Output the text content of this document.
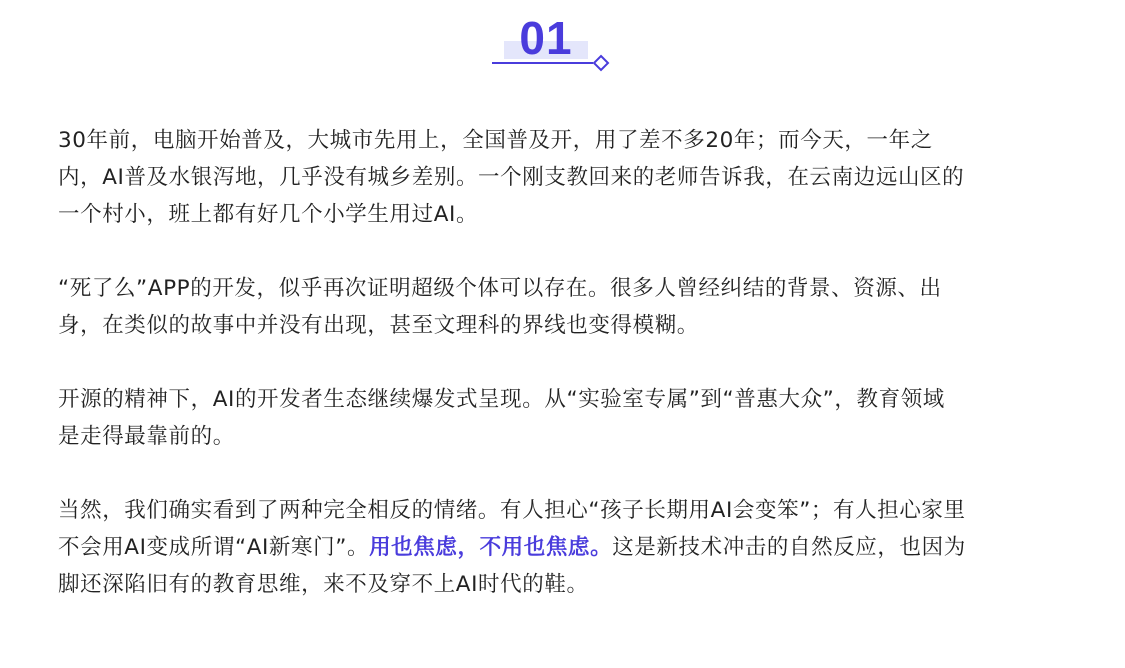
01

30年前，电脑开始普及，大城市先用上，全国普及开，用了差不多20年；而今天，一年之
内，AI普及水银泻地，几乎没有城乡差别。一个刚支教回来的老师告诉我，在云南边远山区的
一个村小，班上都有好几个小学生用过AI。

“死了么”APP的开发，似乎再次证明超级个体可以存在。很多人曾经纠结的背景、资源、出
身，在类似的故事中并没有出现，甚至文理科的界线也变得模糊。

开源的精神下，AI的开发者生态继续爆发式呈现。从“实验室专属”到“普惠大众”，教育领域
是走得最靠前的。

当然，我们确实看到了两种完全相反的情绪。有人担心“孩子长期用AI会变笨”；有人担心家里
不会用AI变成所谓“AI新寒门”。用也焦虑，不用也焦虑。这是新技术冲击的自然反应，也因为
脚还深陷旧有的教育思维，来不及穿不上AI时代的鞋。
